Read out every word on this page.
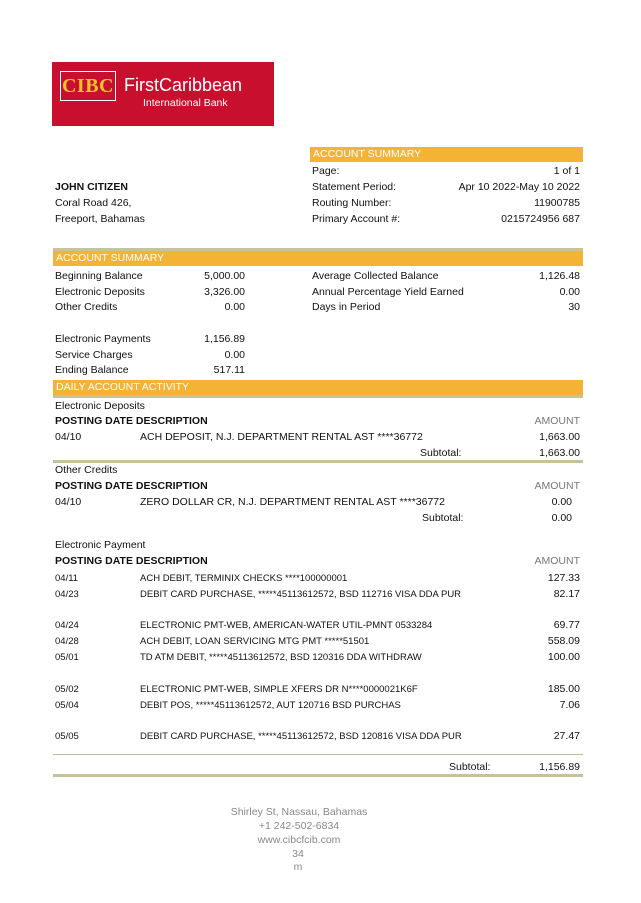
CIBC FirstCaribbean
International Bank
ACCOUNT SUMMARY
Page:	1 of 1
Statement Period:	Apr 10 2022-May 10 2022
Routing Number:	11900785
Primary Account #:	0215724956 687
JOHN CITIZEN
Coral Road 426,
Freeport, Bahamas
ACCOUNT SUMMARY
Beginning Balance	5,000.00
Electronic Deposits	3,326.00
Other Credits	0.00
Electronic Payments	1,156.89
Service Charges	0.00
Ending Balance	517.11
Average Collected Balance	1,126.48
Annual Percentage Yield Earned	0.00
Days in Period	30
DAILY ACCOUNT ACTIVITY
Electronic Deposits
POSTING DATE DESCRIPTION	AMOUNT
04/10	ACH DEPOSIT, N.J. DEPARTMENT RENTAL AST ****36772	1,663.00
Subtotal:	1,663.00
Other Credits
POSTING DATE DESCRIPTION	AMOUNT
04/10	ZERO DOLLAR CR, N.J. DEPARTMENT RENTAL AST ****36772	0.00
Subtotal:	0.00
Electronic Payment
POSTING DATE DESCRIPTION	AMOUNT
04/11	ACH DEBIT, TERMINIX CHECKS ****100000001	127.33
04/23	DEBIT CARD PURCHASE, *****45113612572, BSD 112716 VISA DDA PUR	82.17
04/24	ELECTRONIC PMT-WEB, AMERICAN-WATER UTIL-PMNT 0533284	69.77
04/28	ACH DEBIT, LOAN SERVICING MTG PMT *****51501	558.09
05/01	TD ATM DEBIT, *****45113612572, BSD 120316 DDA WITHDRAW	100.00
05/02	ELECTRONIC PMT-WEB, SIMPLE XFERS DR N****0000021K6F	185.00
05/04	DEBIT POS, *****45113612572, AUT 120716 BSD PURCHAS	7.06
05/05	DEBIT CARD PURCHASE, *****45113612572, BSD 120816 VISA DDA PUR	27.47
Subtotal:	1,156.89
Shirley St, Nassau, Bahamas
+1 242-502-6834
www.cibcfcib.com
34
m
